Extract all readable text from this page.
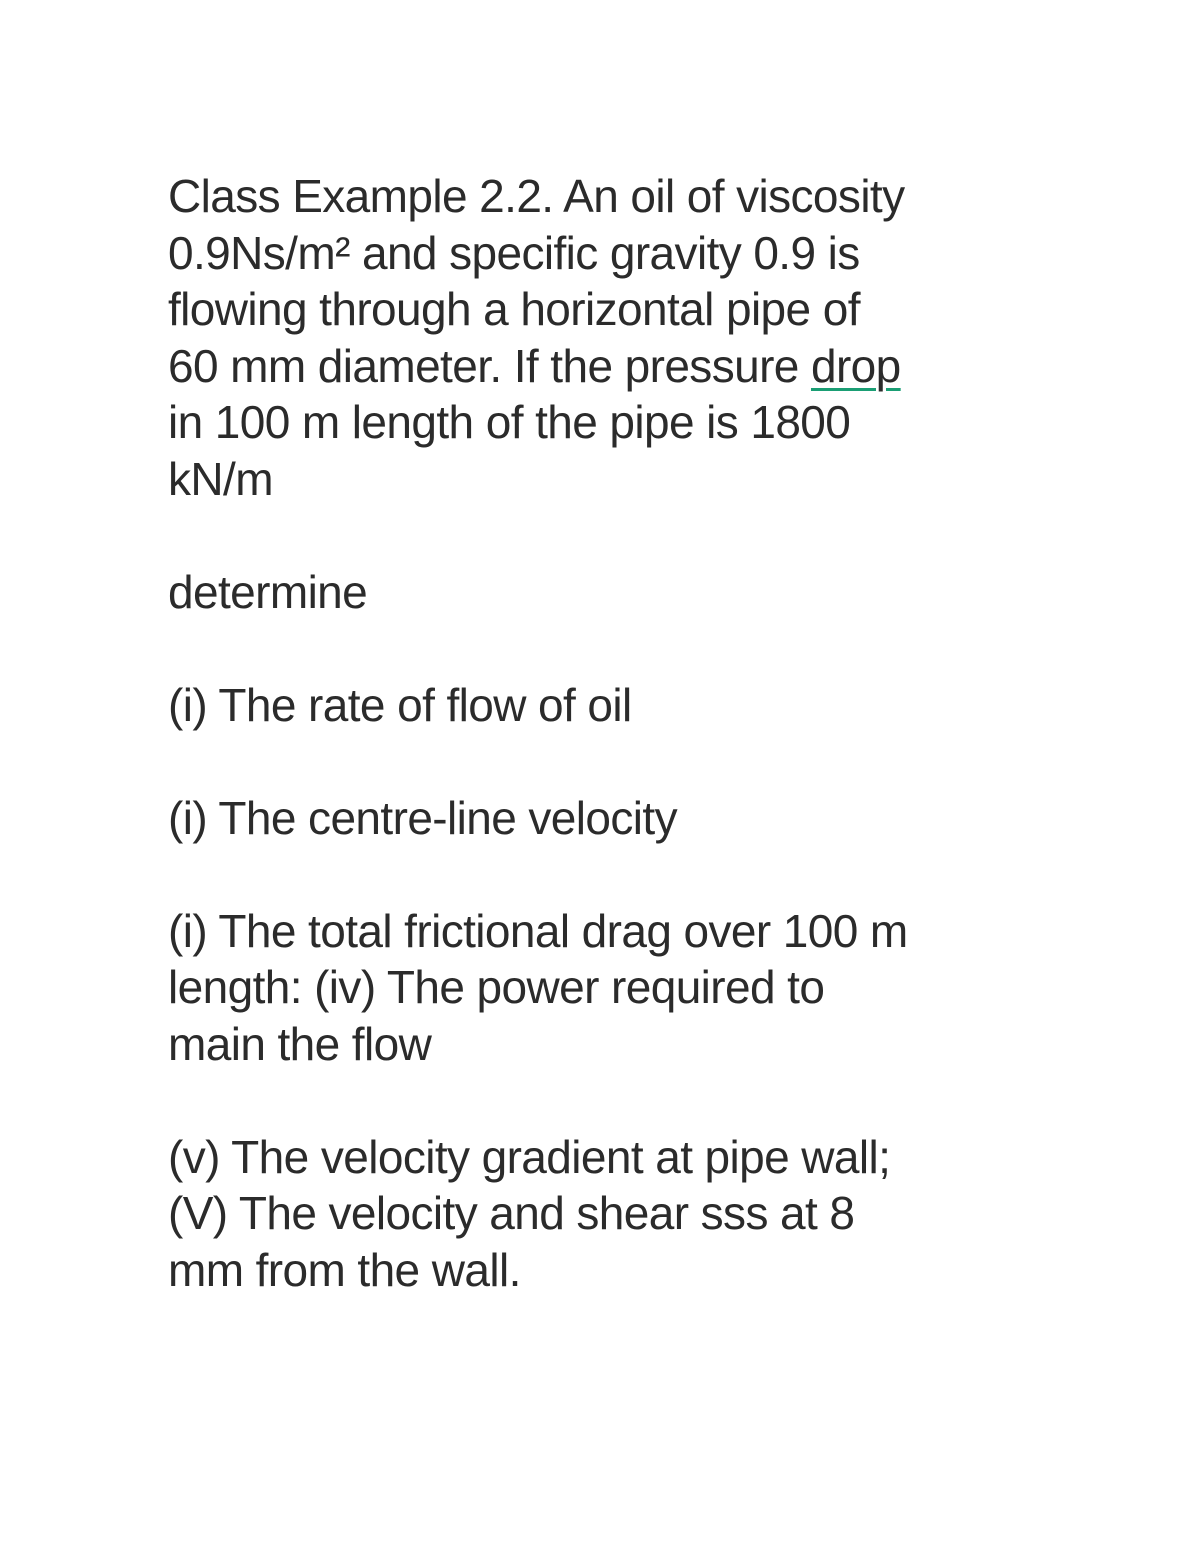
Class Example 2.2. An oil of viscosity
0.9Ns/m² and specific gravity 0.9 is
flowing through a horizontal pipe of
60 mm diameter. If the pressure drop
in 100 m length of the pipe is 1800
kN/m

determine

(i) The rate of flow of oil

(i) The centre-line velocity

(i) The total frictional drag over 100 m
length: (iv) The power required to
main the flow

(v) The velocity gradient at pipe wall;
(V) The velocity and shear sss at 8
mm from the wall.
